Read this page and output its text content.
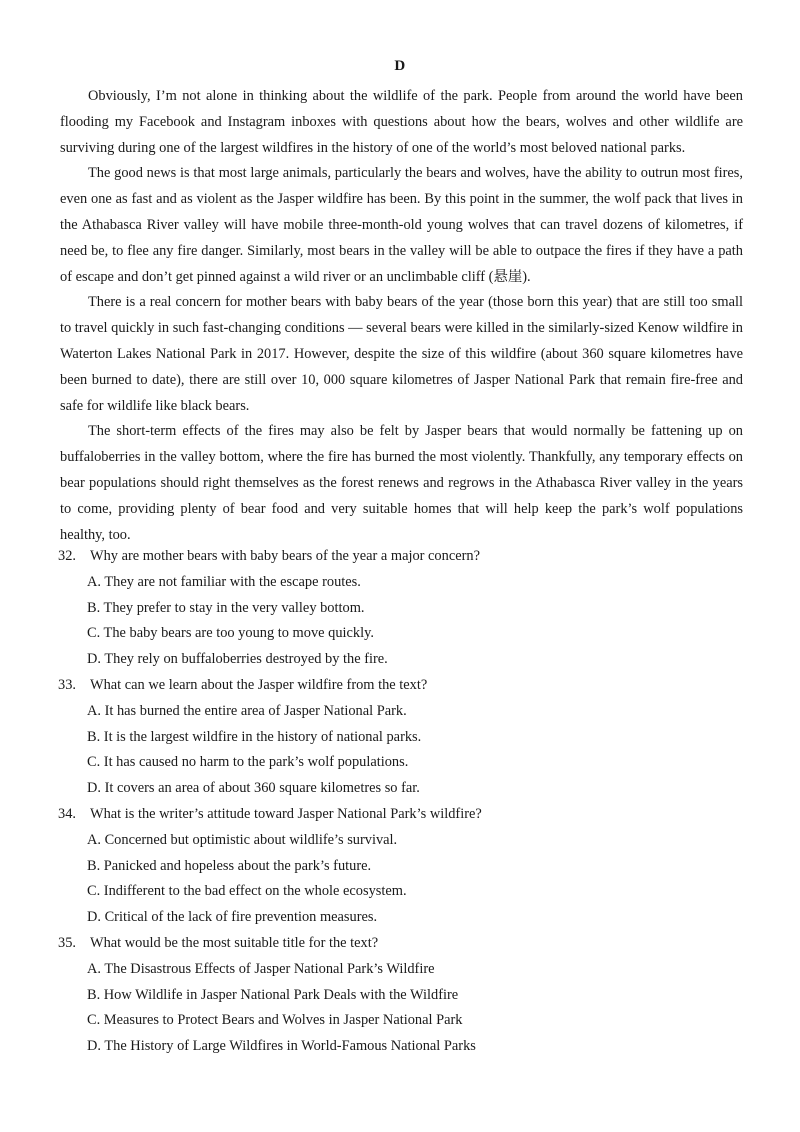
D

Obviously, I’m not alone in thinking about the wildlife of the park. People from around the world have been flooding my Facebook and Instagram inboxes with questions about how the bears, wolves and other wildlife are surviving during one of the largest wildfires in the history of one of the world’s most beloved national parks.

The good news is that most large animals, particularly the bears and wolves, have the ability to outrun most fires, even one as fast and as violent as the Jasper wildfire has been. By this point in the summer, the wolf pack that lives in the Athabasca River valley will have mobile three-month-old young wolves that can travel dozens of kilometres, if need be, to flee any fire danger. Similarly, most bears in the valley will be able to outpace the fires if they have a path of escape and don’t get pinned against a wild river or an unclimbable cliff (悬崖).

There is a real concern for mother bears with baby bears of the year (those born this year) that are still too small to travel quickly in such fast-changing conditions — several bears were killed in the similarly-sized Kenow wildfire in Waterton Lakes National Park in 2017. However, despite the size of this wildfire (about 360 square kilometres have been burned to date), there are still over 10, 000 square kilometres of Jasper National Park that remain fire-free and safe for wildlife like black bears.

The short-term effects of the fires may also be felt by Jasper bears that would normally be fattening up on buffaloberries in the valley bottom, where the fire has burned the most violently. Thankfully, any temporary effects on bear populations should right themselves as the forest renews and regrows in the Athabasca River valley in the years to come, providing plenty of bear food and very suitable homes that will help keep the park’s wolf populations healthy, too.

32. Why are mother bears with baby bears of the year a major concern?
A. They are not familiar with the escape routes.
B. They prefer to stay in the very valley bottom.
C. The baby bears are too young to move quickly.
D. They rely on buffaloberries destroyed by the fire.
33. What can we learn about the Jasper wildfire from the text?
A. It has burned the entire area of Jasper National Park.
B. It is the largest wildfire in the history of national parks.
C. It has caused no harm to the park’s wolf populations.
D. It covers an area of about 360 square kilometres so far.
34. What is the writer’s attitude toward Jasper National Park’s wildfire?
A. Concerned but optimistic about wildlife’s survival.
B. Panicked and hopeless about the park’s future.
C. Indifferent to the bad effect on the whole ecosystem.
D. Critical of the lack of fire prevention measures.
35. What would be the most suitable title for the text?
A. The Disastrous Effects of Jasper National Park’s Wildfire
B. How Wildlife in Jasper National Park Deals with the Wildfire
C. Measures to Protect Bears and Wolves in Jasper National Park
D. The History of Large Wildfires in World-Famous National Parks
